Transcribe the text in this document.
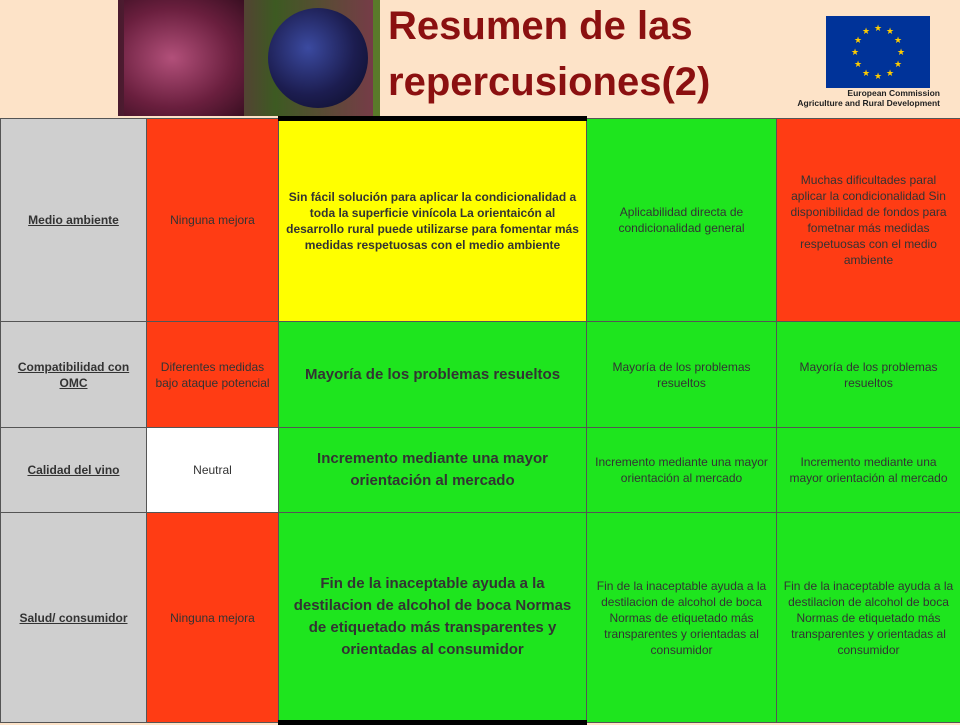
Resumen de las
repercusiones(2)
★ ★
★
★
★
★
★
★
★
★
★
★
European Commission
Agriculture and Rural Development
Medio ambiente	Ninguna mejora	Sin fácil solución para aplicar la condicionalidad a toda la superficie vinícola La orientaicón al desarrollo rural puede utilizarse para fomentar más medidas respetuosas con el medio ambiente	Aplicabilidad directa de condicionalidad general	Muchas dificultades paral aplicar la condicionalidad Sin disponibilidad de fondos para fometnar más medidas respetuosas con el medio ambiente
Compatibilidad con OMC	Diferentes medidas bajo ataque potencial	Mayoría de los problemas resueltos	Mayoría de los problemas resueltos	Mayoría de los problemas resueltos
Calidad del vino	Neutral	Incremento mediante una mayor orientación al mercado	Incremento mediante una mayor orientación al mercado	Incremento mediante una mayor orientación al mercado
Salud/ consumidor	Ninguna mejora	Fin de la inaceptable ayuda a la destilacion de alcohol de boca Normas de etiquetado más transparentes y orientadas al consumidor	Fin de la inaceptable ayuda a la destilacion de alcohol de boca Normas de etiquetado más transparentes y orientadas al consumidor	Fin de la inaceptable ayuda a la destilacion de alcohol de boca Normas de etiquetado más transparentes y orientadas al consumidor
